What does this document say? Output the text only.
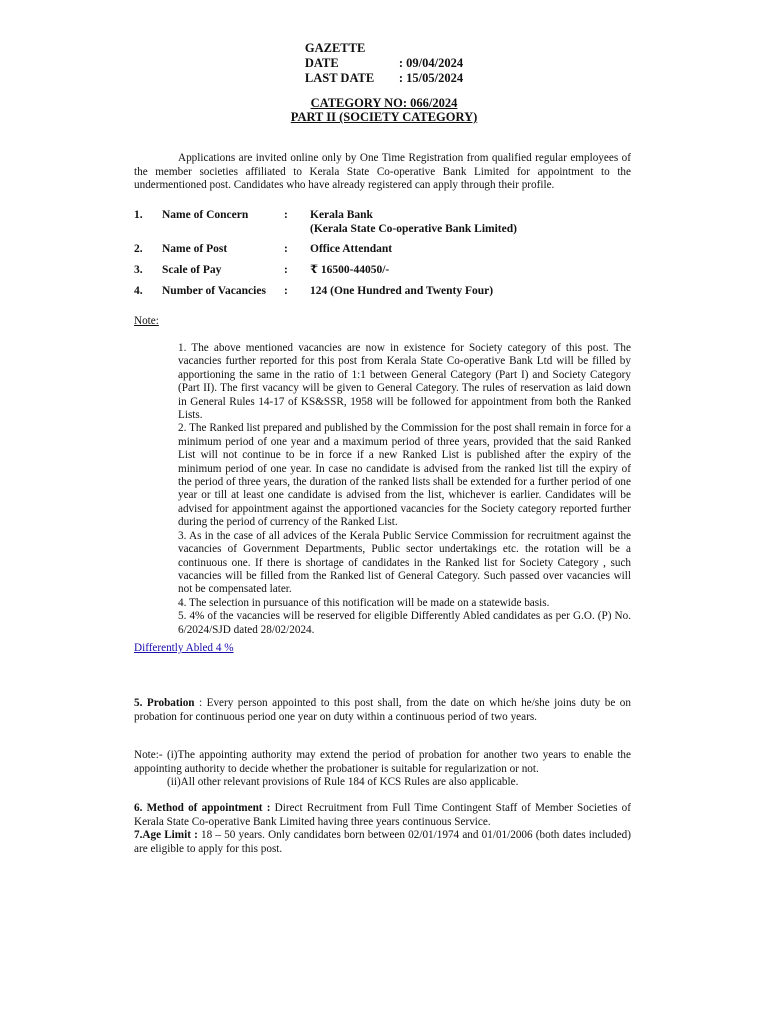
GAZETTE DATE	: 09/04/2024
LAST DATE : 15/05/2024
CATEGORY NO: 066/2024
PART II (SOCIETY CATEGORY)
Applications are invited online only by One Time Registration from qualified regular employees of the member societies affiliated to Kerala State Co-operative Bank Limited for appointment to the undermentioned post. Candidates who have already registered can apply through their profile.
1.	Name of Concern	:	Kerala Bank
(Kerala State Co-operative Bank Limited)
2.	Name of Post	:	Office Attendant
3.	Scale of Pay	:	₹ 16500-44050/-
4.	Number of Vacancies	:	124 (One Hundred and Twenty Four)
Note:
1. The above mentioned vacancies are now in existence for Society category of this post. The vacancies further reported for this post from Kerala State Co-operative Bank Ltd will be filled by apportioning the same in the ratio of 1:1 between General Category (Part I) and Society Category (Part II). The first vacancy will be given to General Category. The rules of reservation as laid down in General Rules 14-17 of KS&SSR, 1958 will be followed for appointment from both the Ranked Lists.
2. The Ranked list prepared and published by the Commission for the post shall remain in force for a minimum period of one year and a maximum period of three years, provided that the said Ranked List will not continue to be in force if a new Ranked List is published after the expiry of the minimum period of one year. In case no candidate is advised from the ranked list till the expiry of the period of three years, the duration of the ranked lists shall be extended for a further period of one year or till at least one candidate is advised from the list, whichever is earlier. Candidates will be advised for appointment against the apportioned vacancies for the Society category reported further during the period of currency of the Ranked List.
3. As in the case of all advices of the Kerala Public Service Commission for recruitment against the vacancies of Government Departments, Public sector undertakings etc. the rotation will be a continuous one. If there is shortage of candidates in the Ranked list for Society Category , such vacancies will be filled from the Ranked list of General Category. Such passed over vacancies will not be compensated later.
4. The selection in pursuance of this notification will be made on a statewide basis.
5. 4% of the vacancies will be reserved for eligible Differently Abled candidates as per G.O. (P) No. 6/2024/SJD dated 28/02/2024.
Differently Abled 4 %
5. Probation : Every person appointed to this post shall, from the date on which he/she joins duty be on probation for continuous period one year on duty within a continuous period of two years.
Note:- (i)The appointing authority may extend the period of probation for another two years to enable the appointing authority to decide whether the probationer is suitable for regularization or not.
(ii)All other relevant provisions of Rule 184 of KCS Rules are also applicable.
6. Method of appointment : Direct Recruitment from Full Time Contingent Staff of Member Societies of Kerala State Co-operative Bank Limited having three years continuous Service.
7.Age Limit : 18 – 50 years. Only candidates born between 02/01/1974 and 01/01/2006 (both dates included) are eligible to apply for this post.
